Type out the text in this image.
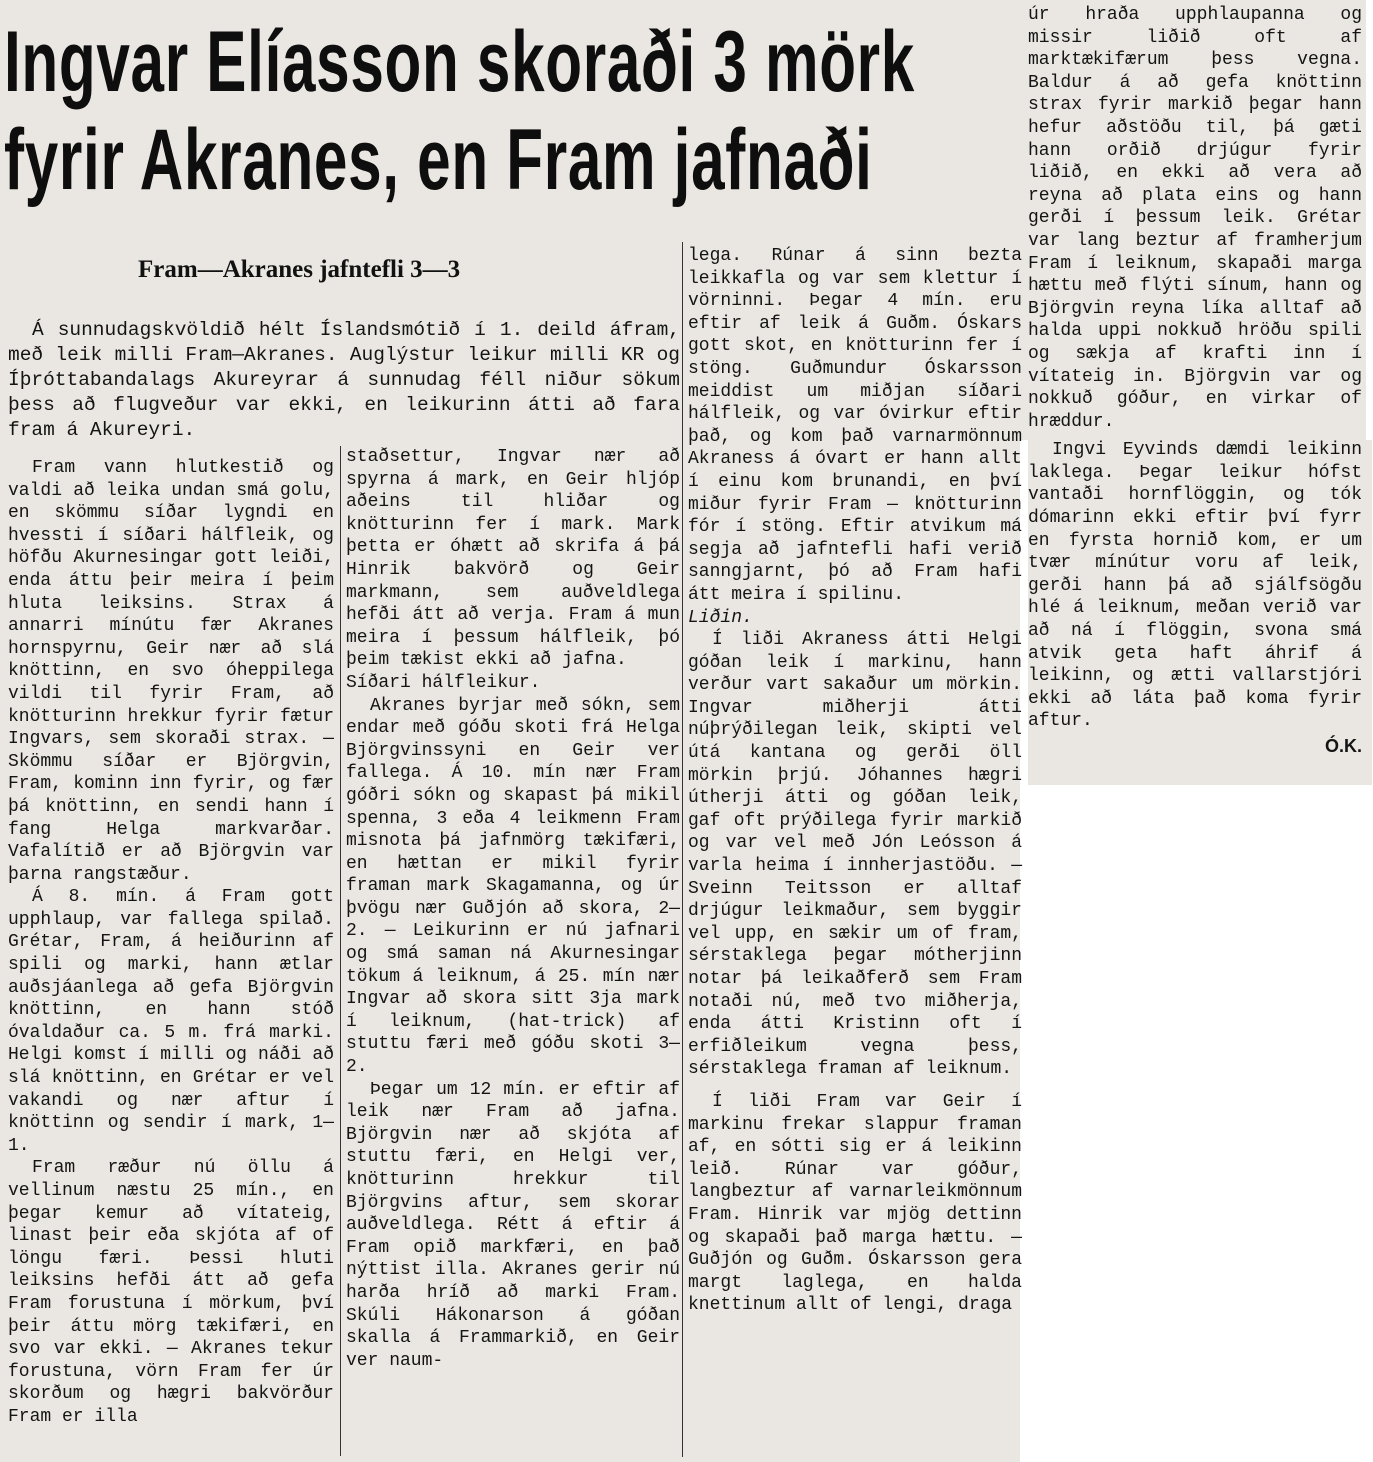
Ingvar Elíasson skoraði 3 mörk
fyrir Akranes, en Fram jafnaði
Fram—Akranes jafntefli 3—3

Á sunnudagskvöldið hélt Íslandsmótið í 1. deild áfram, með leik milli Fram—Akranes. Auglýstur leikur milli KR og Íþróttabandalags Akureyrar á sunnudag féll niður sökum þess að flugveður var ekki, en leikurinn átti að fara fram á Akureyri.

Fram vann hlutkestið og valdi að leika undan smá golu, en skömmu síðar lygndi en hvessti í síðari hálfleik, og höfðu Akurnesingar gott leiði, enda áttu þeir meira í þeim hluta leiksins. Strax á annarri mínútu fær Akranes hornspyrnu, Geir nær að slá knöttinn, en svo óheppilega vildi til fyrir Fram, að knötturinn hrekkur fyrir fætur Ingvars, sem skoraði strax. — Skömmu síðar er Björgvin, Fram, kominn inn fyrir, og fær þá knöttinn, en sendi hann í fang Helga markvarðar. Vafalítið er að Björgvin var þarna rangstæður.

Á 8. mín. á Fram gott upphlaup, var fallega spilað. Grétar, Fram, á heiðurinn af spili og marki, hann ætlar auðsjáanlega að gefa Björgvin knöttinn, en hann stóð óvaldaður ca. 5 m. frá marki. Helgi komst í milli og náði að slá knöttinn, en Grétar er vel vakandi og nær aftur í knöttinn og sendir í mark, 1—1.

Fram ræður nú öllu á vellinum næstu 25 mín., en þegar kemur að vítateig, linast þeir eða skjóta af of löngu færi. Þessi hluti leiksins hefði átt að gefa Fram forustuna í mörkum, því þeir áttu mörg tækifæri, en svo var ekki. — Akranes tekur forustuna, vörn Fram fer úr skorðum og hægri bakvörður Fram er illa

staðsettur, Ingvar nær að spyrna á mark, en Geir hljóp aðeins til hliðar og knötturinn fer í mark. Mark þetta er óhætt að skrifa á þá Hinrik bakvörð og Geir markmann, sem auðveldlega hefði átt að verja. Fram á mun meira í þessum hálfleik, þó þeim tækist ekki að jafna.

Síðari hálfleikur.

Akranes byrjar með sókn, sem endar með góðu skoti frá Helga Björgvinssyni en Geir ver fallega. Á 10. mín nær Fram góðri sókn og skapast þá mikil spenna, 3 eða 4 leikmenn Fram misnota þá jafnmörg tækifæri, en hættan er mikil fyrir framan mark Skagamanna, og úr þvögu nær Guðjón að skora, 2—2. — Leikurinn er nú jafnari og smá saman ná Akurnesingar tökum á leiknum, á 25. mín nær Ingvar að skora sitt 3ja mark í leiknum, (hat-trick) af stuttu færi með góðu skoti 3—2.

Þegar um 12 mín. er eftir af leik nær Fram að jafna. Björgvin nær að skjóta af stuttu færi, en Helgi ver, knötturinn hrekkur til Björgvins aftur, sem skorar auðveldlega. Rétt á eftir á Fram opið markfæri, en það nýttist illa. Akranes gerir nú harða hríð að marki Fram. Skúli Hákonarson á góðan skalla á Frammarkið, en Geir ver naum-

lega. Rúnar á sinn bezta leikkafla og var sem klettur í vörninni. Þegar 4 mín. eru eftir af leik á Guðm. Óskars gott skot, en knötturinn fer í stöng. Guðmundur Óskarsson meiddist um miðjan síðari hálfleik, og var óvirkur eftir það, og kom það varnarmönnum Akraness á óvart er hann allt í einu kom brunandi, en því miður fyrir Fram — knötturinn fór í stöng. Eftir atvikum má segja að jafntefli hafi verið sanngjarnt, þó að Fram hafi átt meira í spilinu.

Liðin.

Í liði Akraness átti Helgi góðan leik í markinu, hann verður vart sakaður um mörkin. Ingvar miðherji átti núþrýðilegan leik, skipti vel útá kantana og gerði öll mörkin þrjú. Jóhannes hægri útherji átti og góðan leik, gaf oft prýðilega fyrir markið og var vel með Jón Leósson á varla heima í innherjastöðu. — Sveinn Teitsson er alltaf drjúgur leikmaður, sem byggir vel upp, en sækir um of fram, sérstaklega þegar mótherjinn notar þá leikaðferð sem Fram notaði nú, með tvo miðherja, enda átti Kristinn oft í erfiðleikum vegna þess, sérstaklega framan af leiknum.

Í liði Fram var Geir í markinu frekar slappur framan af, en sótti sig er á leikinn leið. Rúnar var góður, langbeztur af varnarleikmönnum Fram. Hinrik var mjög dettinn og skapaði það marga hættu. — Guðjón og Guðm. Óskarsson gera margt laglega, en halda knettinum allt of lengi, draga

úr hraða upphlaupanna og missir liðið oft af marktækifærum þess vegna. Baldur á að gefa knöttinn strax fyrir markið þegar hann hefur aðstöðu til, þá gæti hann orðið drjúgur fyrir liðið, en ekki að vera að reyna að plata eins og hann gerði í þessum leik. Grétar var lang beztur af framherjum Fram í leiknum, skapaði marga hættu með flýti sínum, hann og Björgvin reyna líka alltaf að halda uppi nokkuð hröðu spili og sækja af krafti inn í vítateig in. Björgvin var og nokkuð góður, en virkar of hræddur.

Ingvi Eyvinds dæmdi leikinn laklega. Þegar leikur hófst vantaði hornflöggin, og tók dómarinn ekki eftir því fyrr en fyrsta hornið kom, er um tvær mínútur voru af leik, gerði hann þá að sjálfsögðu hlé á leiknum, meðan verið var að ná í flöggin, svona smá atvik geta haft áhrif á leikinn, og ætti vallarstjóri ekki að láta það koma fyrir aftur.

Ó.K.
